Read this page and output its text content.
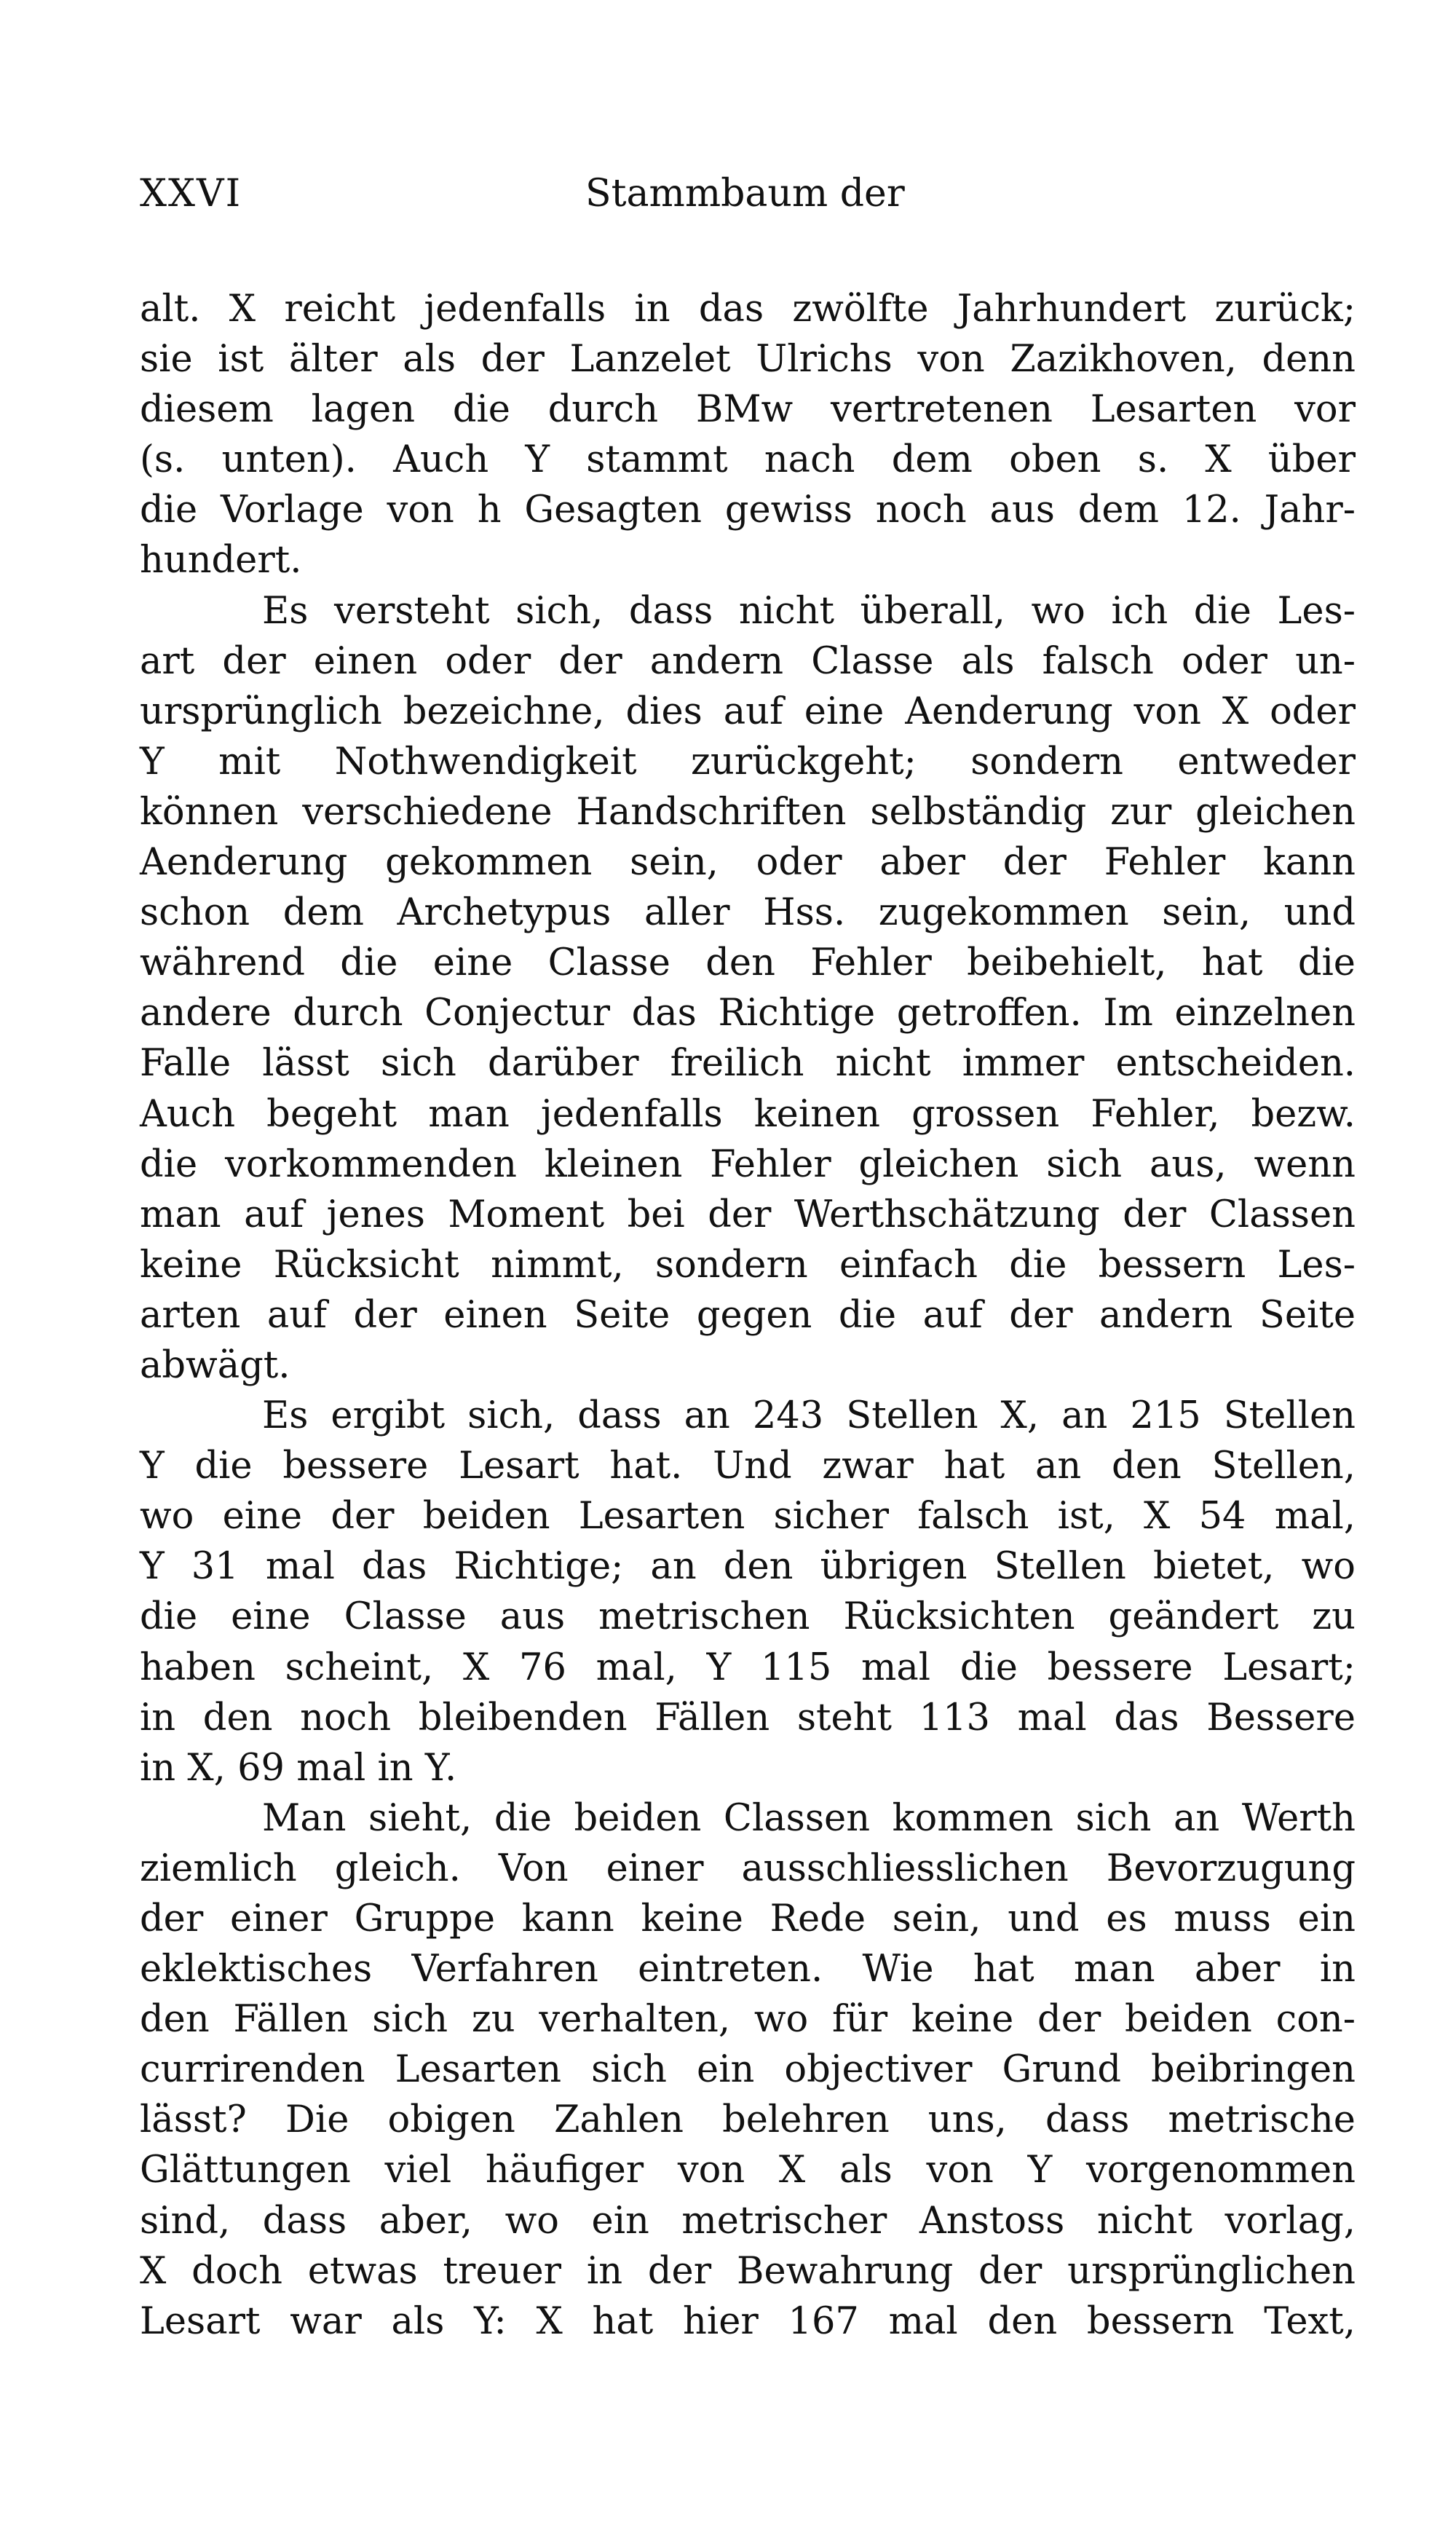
XXVI	Stammbaum der
alt. X reicht jedenfalls in das zwölfte Jahrhundert zurück;
sie ist älter als der Lanzelet Ulrichs von Zazikhoven, denn
diesem lagen die durch BMw vertretenen Lesarten vor
(s. unten). Auch Y stammt nach dem oben s. X über
die Vorlage von h Gesagten gewiss noch aus dem 12. Jahr-
hundert.
Es versteht sich, dass nicht überall, wo ich die Les-
art der einen oder der andern Classe als falsch oder un-
ursprünglich bezeichne, dies auf eine Aenderung von X oder
Y mit Nothwendigkeit zurückgeht; sondern entweder
können verschiedene Handschriften selbständig zur gleichen
Aenderung gekommen sein, oder aber der Fehler kann
schon dem Archetypus aller Hss. zugekommen sein, und
während die eine Classe den Fehler beibehielt, hat die
andere durch Conjectur das Richtige getroffen. Im einzelnen
Falle lässt sich darüber freilich nicht immer entscheiden.
Auch begeht man jedenfalls keinen grossen Fehler, bezw.
die vorkommenden kleinen Fehler gleichen sich aus, wenn
man auf jenes Moment bei der Werthschätzung der Classen
keine Rücksicht nimmt, sondern einfach die bessern Les-
arten auf der einen Seite gegen die auf der andern Seite
abwägt.
Es ergibt sich, dass an 243 Stellen X, an 215 Stellen
Y die bessere Lesart hat. Und zwar hat an den Stellen,
wo eine der beiden Lesarten sicher falsch ist, X 54 mal,
Y 31 mal das Richtige; an den übrigen Stellen bietet, wo
die eine Classe aus metrischen Rücksichten geändert zu
haben scheint, X 76 mal, Y 115 mal die bessere Lesart;
in den noch bleibenden Fällen steht 113 mal das Bessere
in X, 69 mal in Y.
Man sieht, die beiden Classen kommen sich an Werth
ziemlich gleich. Von einer ausschliesslichen Bevorzugung
der einer Gruppe kann keine Rede sein, und es muss ein
eklektisches Verfahren eintreten. Wie hat man aber in
den Fällen sich zu verhalten, wo für keine der beiden con-
currirenden Lesarten sich ein objectiver Grund beibringen
lässt? Die obigen Zahlen belehren uns, dass metrische
Glättungen viel häufiger von X als von Y vorgenommen
sind, dass aber, wo ein metrischer Anstoss nicht vorlag,
X doch etwas treuer in der Bewahrung der ursprünglichen
Lesart war als Y: X hat hier 167 mal den bessern Text,
